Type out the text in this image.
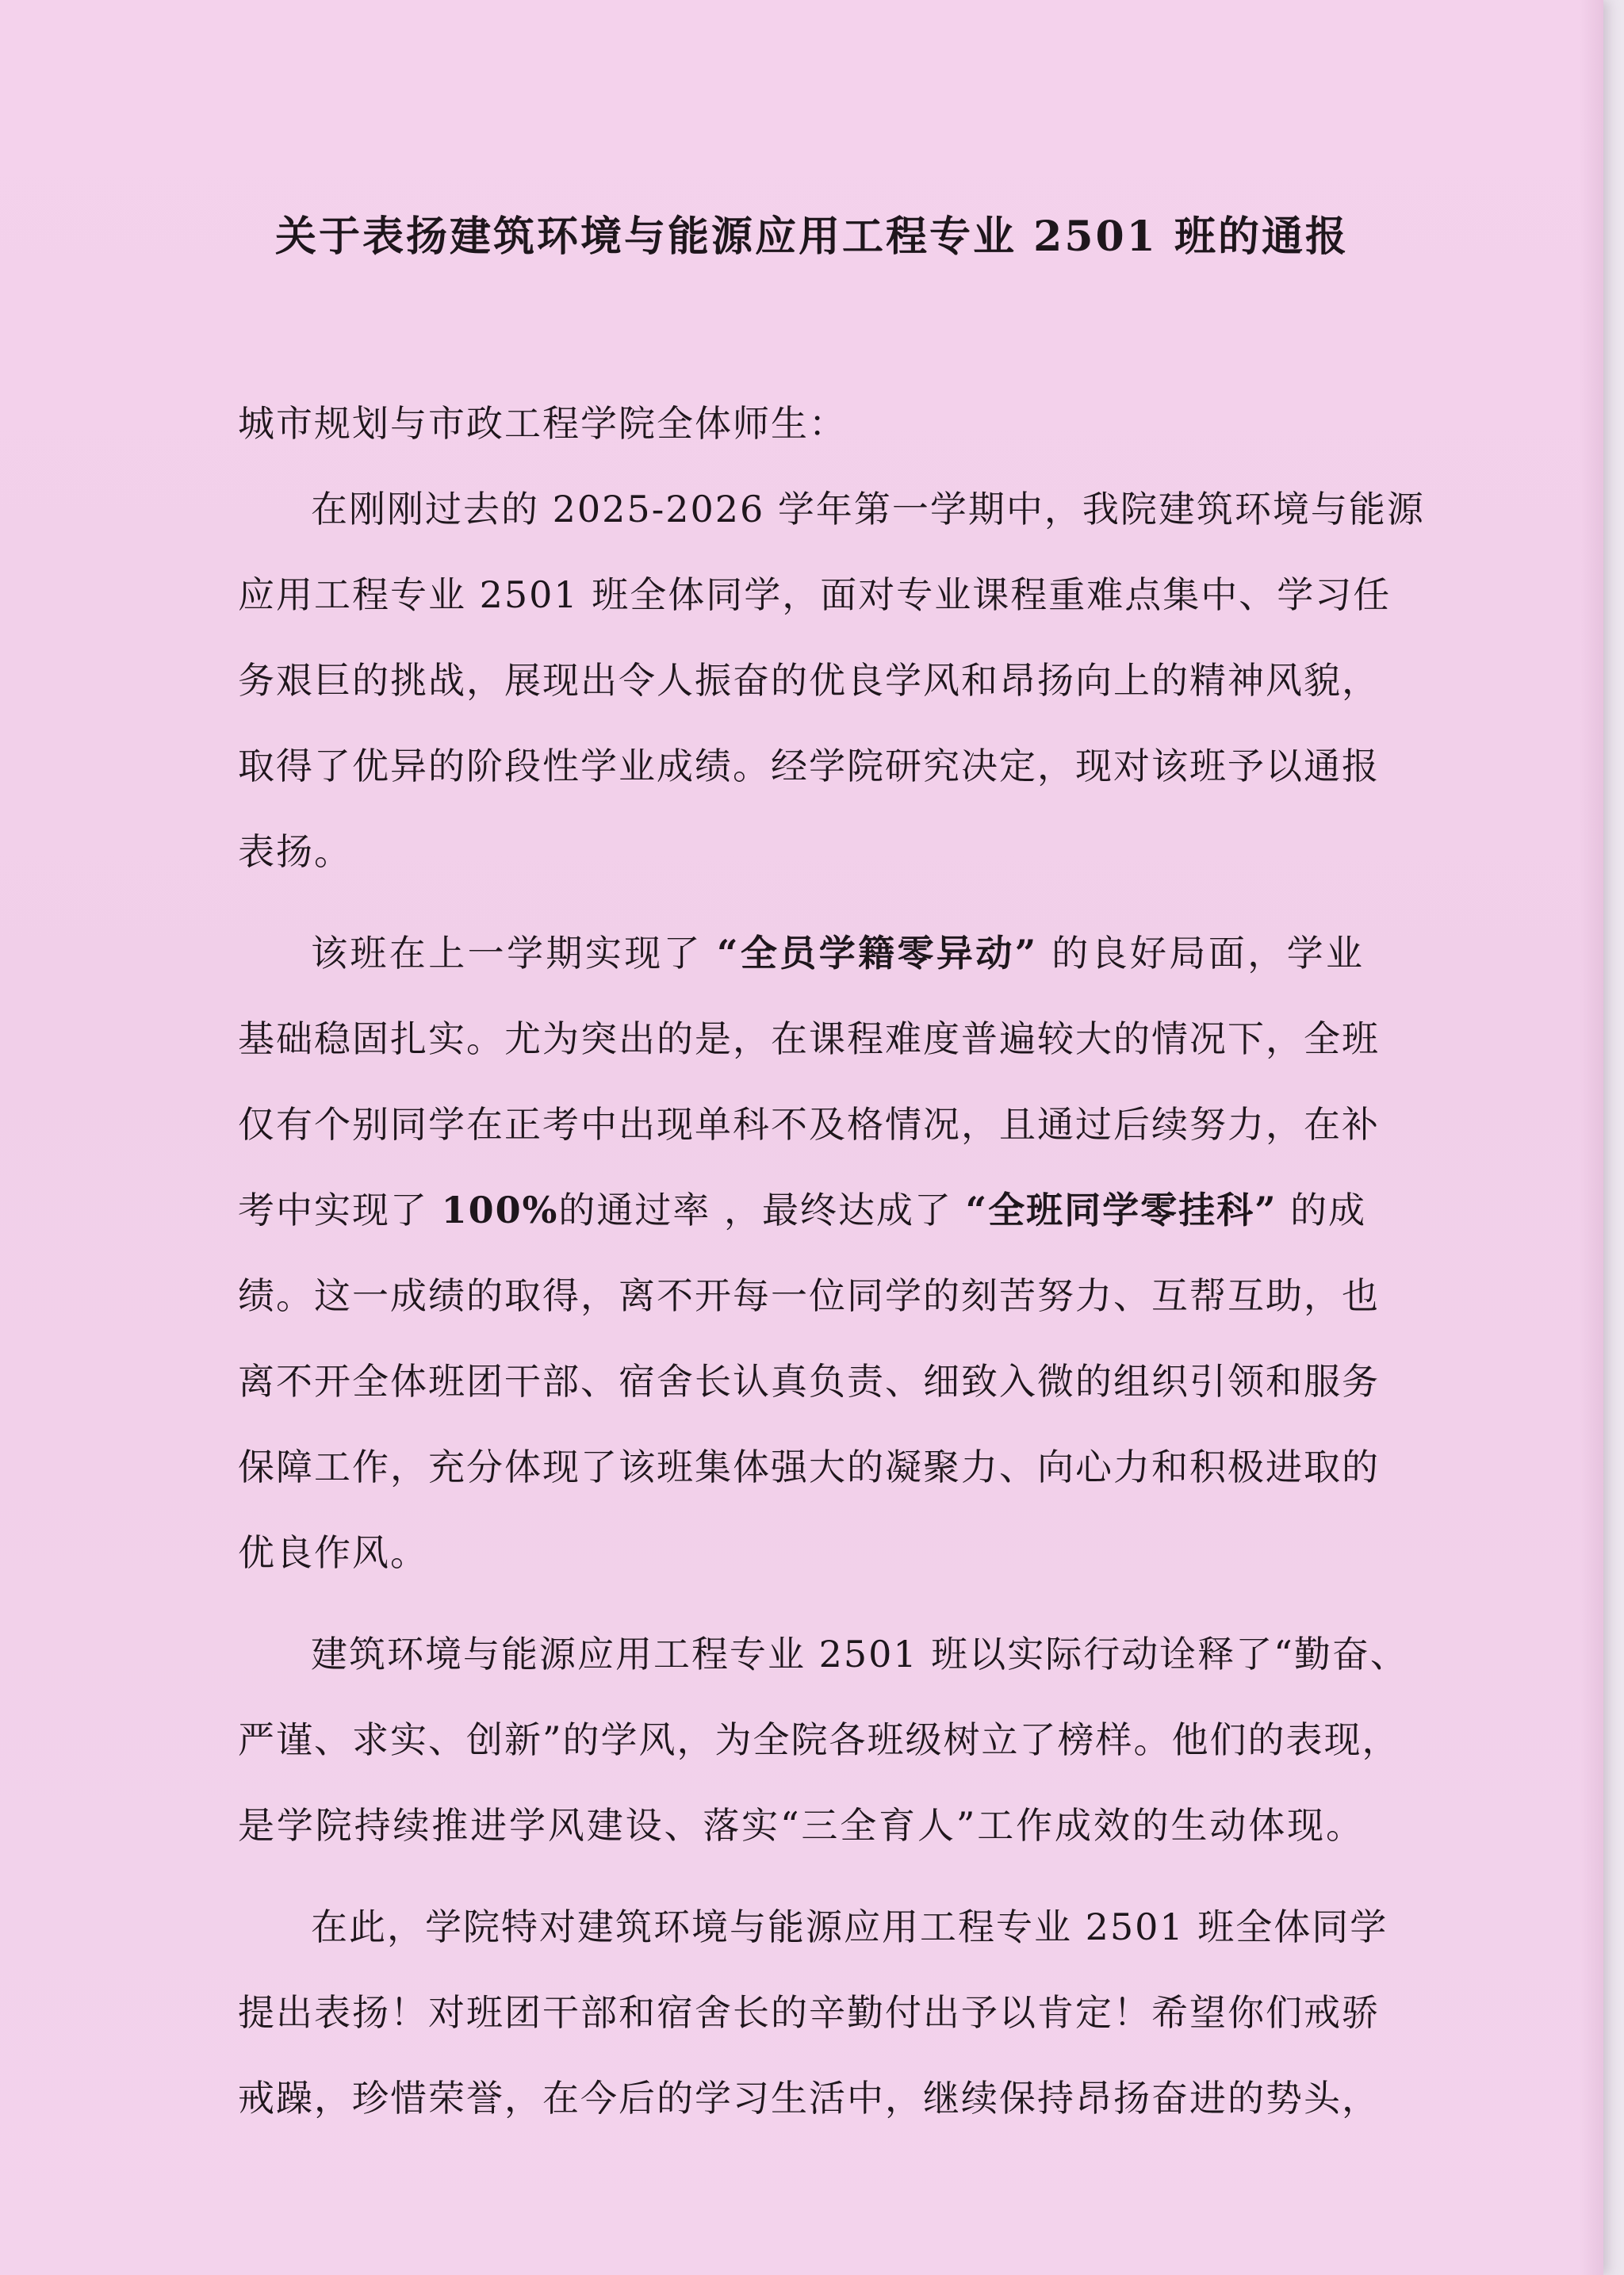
关于表扬建筑环境与能源应用工程专业 2501 班的通报
城市规划与市政工程学院全体师生：
在刚刚过去的 2025-2026 学年第一学期中，我院建筑环境与能源
应用工程专业 2501 班全体同学，面对专业课程重难点集中、学习任
务艰巨的挑战，展现出令人振奋的优良学风和昂扬向上的精神风貌，
取得了优异的阶段性学业成绩。经学院研究决定，现对该班予以通报
表扬。
该班在上一学期实现了 “全员学籍零异动” 的良好局面，学业
基础稳固扎实。尤为突出的是，在课程难度普遍较大的情况下，全班
仅有个别同学在正考中出现单科不及格情况，且通过后续努力，在补
考中实现了 100%的通过率 ，最终达成了 “全班同学零挂科” 的成
绩。这一成绩的取得，离不开每一位同学的刻苦努力、互帮互助，也
离不开全体班团干部、宿舍长认真负责、细致入微的组织引领和服务
保障工作，充分体现了该班集体强大的凝聚力、向心力和积极进取的
优良作风。
建筑环境与能源应用工程专业 2501 班以实际行动诠释了“勤奋、
严谨、求实、创新”的学风，为全院各班级树立了榜样。他们的表现，
是学院持续推进学风建设、落实“三全育人”工作成效的生动体现。
在此，学院特对建筑环境与能源应用工程专业 2501 班全体同学
提出表扬！对班团干部和宿舍长的辛勤付出予以肯定！希望你们戒骄
戒躁，珍惜荣誉，在今后的学习生活中，继续保持昂扬奋进的势头，
